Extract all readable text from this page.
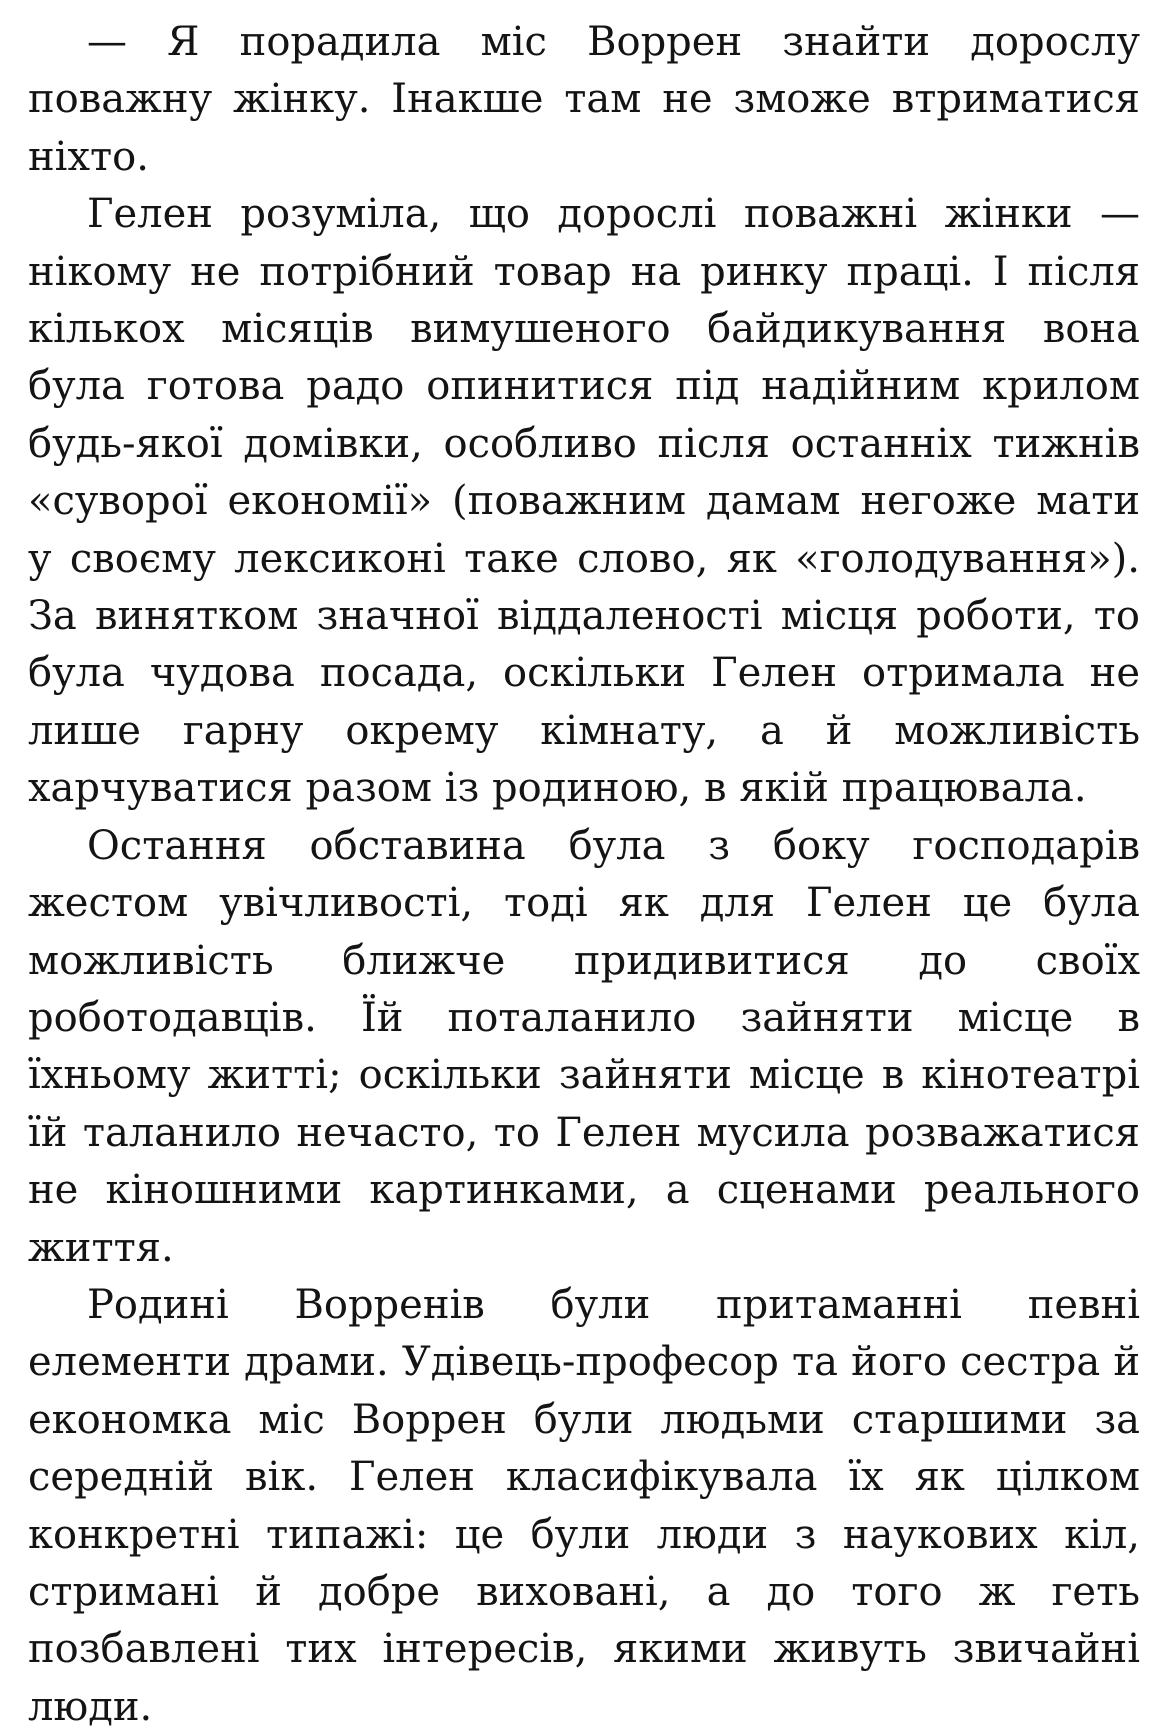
— Я порадила міс Воррен знайти дорослу поважну жінку. Інакше там не зможе втриматися ніхто.

Гелен розуміла, що дорослі поважні жінки — нікому не потрібний товар на ринку праці. І після кількох місяців вимушеного байдикування вона була готова радо опинитися під надійним крилом будь-якої домівки, особливо після останніх тижнів «суворої економії» (поважним дамам негоже мати у своєму лексиконі таке слово, як «голодування»). За винятком значної віддаленості місця роботи, то була чудова посада, оскільки Гелен отримала не лише гарну окрему кімнату, а й можливість харчуватися разом із родиною, в якій працювала.

Остання обставина була з боку господарів жестом увічливості, тоді як для Гелен це була можливість ближче придивитися до своїх роботодавців. Їй поталанило зайняти місце в їхньому житті; оскільки зайняти місце в кінотеатрі їй таланило нечасто, то Гелен мусила розважатися не кіношними картинками, а сценами реального життя.

Родині Ворренів були притаманні певні елементи драми. Удівець-професор та його сестра й економка міс Воррен були людьми старшими за середній вік. Гелен класифікувала їх як цілком конкретні типажі: це були люди з наукових кіл, стримані й добре виховані, а до того ж геть позбавлені тих інтересів, якими живуть звичайні люди.
